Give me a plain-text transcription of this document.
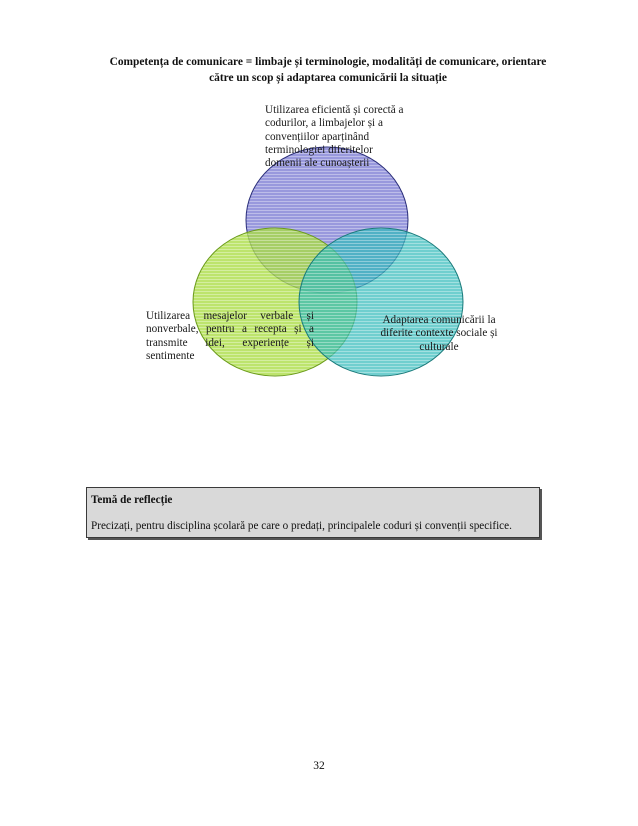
Competența de comunicare = limbaje și terminologie, modalități de comunicare, orientare
către un scop și adaptarea comunicării la situație
Utilizarea eficientă și corectă a
codurilor, a limbajelor și a
convențiilor aparținând
terminologiei diferitelor
domenii ale cunoașterii
Utilizarea mesajelor verbale și
nonverbale, pentru a recepta și a
transmite idei, experiențe și
sentimente
Adaptarea comunicării la
diferite contexte sociale și
culturale
Temă de reflecție
Precizați, pentru disciplina școlară pe care o predați, principalele coduri și convenții specifice.
32
